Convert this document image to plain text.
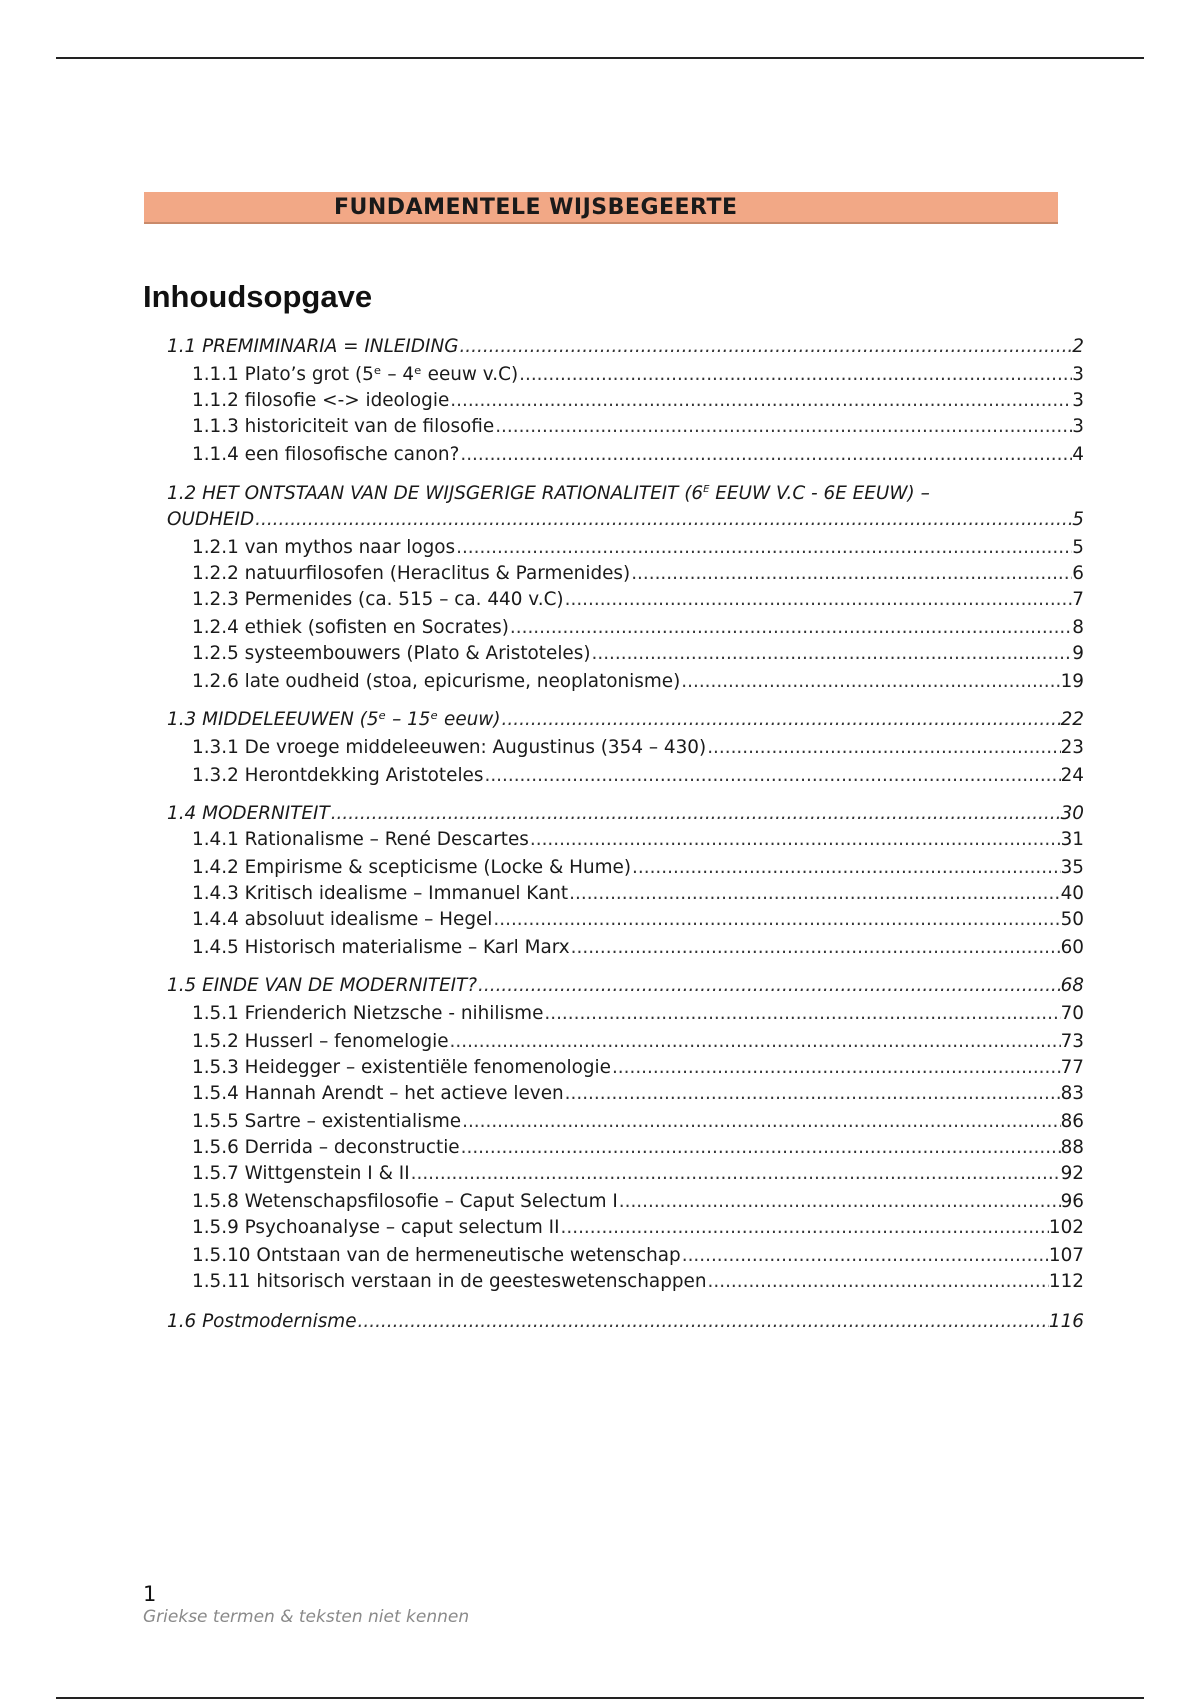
FUNDAMENTELE WIJSBEGEERTE
Inhoudsopgave
1.1 PREMIMINARIA = INLEIDING .....	2
1.1.1 Plato’s grot (5ᵉ – 4ᵉ eeuw v.C) .....	3
1.1.2 filosofie <-> ideologie .....	3
1.1.3 historiciteit van de filosofie .....	3
1.1.4 een filosofische canon? .....	4
1.2 HET ONTSTAAN VAN DE WIJSGERIGE RATIONALITEIT ($6^E$ EEUW V.C - 6E EEUW) –
OUDHEID .....	5
1.2.1 van mythos naar logos .....	5
1.2.2 natuurfilosofen (Heraclitus & Parmenides) .....	6
1.2.3 Permenides (ca. 515 – ca. 440 v.C) .....	7
1.2.4 ethiek (sofisten en Socrates) .....	8
1.2.5 systeembouwers (Plato & Aristoteles) .....	9
1.2.6 late oudheid (stoa, epicurisme, neoplatonisme) .....	19
1.3 MIDDELEEUWEN (5ᵉ – 15ᵉ eeuw) .....	22
1.3.1 De vroege middeleeuwen: Augustinus (354 – 430) .....	23
1.3.2 Herontdekking Aristoteles .....	24
1.4 MODERNITEIT .....	30
1.4.1 Rationalisme – René Descartes .....	31
1.4.2 Empirisme & scepticisme (Locke & Hume) .....	35
1.4.3 Kritisch idealisme – Immanuel Kant .....	40
1.4.4 absoluut idealisme – Hegel .....	50
1.4.5 Historisch materialisme – Karl Marx .....	60
1.5 EINDE VAN DE MODERNITEIT? .....	68
1.5.1 Frienderich Nietzsche - nihilisme .....	70
1.5.2 Husserl – fenomelogie .....	73
1.5.3 Heidegger – existentiële fenomenologie .....	77
1.5.4 Hannah Arendt – het actieve leven .....	83
1.5.5 Sartre – existentialisme .....	86
1.5.6 Derrida – deconstructie .....	88
1.5.7 Wittgenstein I & II .....	92
1.5.8 Wetenschapsfilosofie – Caput Selectum I .....	96
1.5.9 Psychoanalyse – caput selectum II .....	102
1.5.10 Ontstaan van de hermeneutische wetenschap .....	107
1.5.11 hitsorisch verstaan in de geesteswetenschappen .....	112
1.6 Postmodernisme .....	116
1
Griekse termen & teksten niet kennen
